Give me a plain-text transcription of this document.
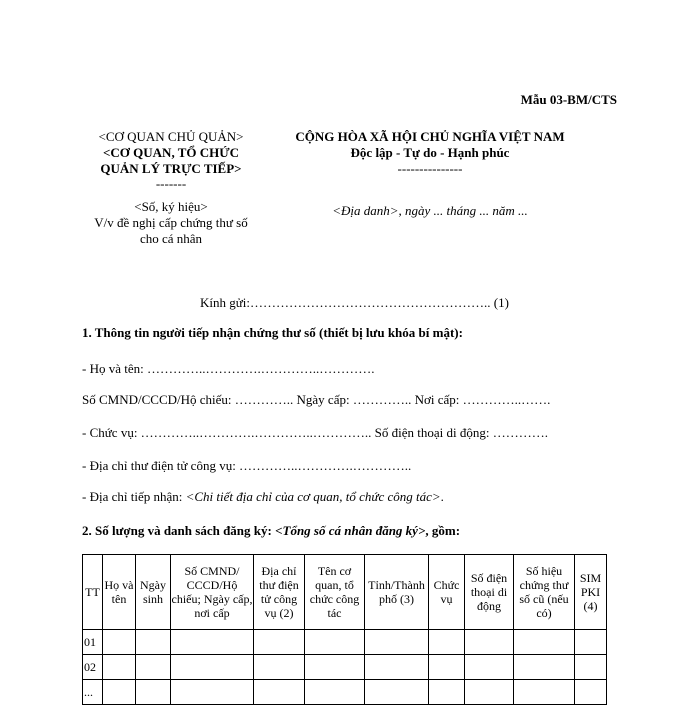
Mẫu 03-BM/CTS
<CƠ QUAN CHỦ QUẢN>
<CƠ QUAN, TỔ CHỨC
QUẢN LÝ TRỰC TIẾP>
-------
<Số, ký hiệu>
V/v đề nghị cấp chứng thư số
cho cá nhân
CỘNG HÒA XÃ HỘI CHỦ NGHĨA VIỆT NAM
Độc lập - Tự do - Hạnh phúc
---------------
<Địa danh>, ngày ... tháng ... năm ...
Kính gửi:……………………………………………….. (1)
1. Thông tin người tiếp nhận chứng thư số (thiết bị lưu khóa bí mật):
- Họ và tên: …………..………….…………..………….
Số CMND/CCCD/Hộ chiếu: ………….. Ngày cấp: ………….. Nơi cấp: …………..…….
- Chức vụ: …………..………….…………..………….. Số điện thoại di động: ………….
- Địa chỉ thư điện tử công vụ: …………..………….…………..
- Địa chỉ tiếp nhận: <Chi tiết địa chỉ của cơ quan, tổ chức công tác>.
2. Số lượng và danh sách đăng ký: <Tổng số cá nhân đăng ký>, gồm:
TT	Họ và tên	Ngày sinh	Số CMND/ CCCD/Hộ chiếu; Ngày cấp, nơi cấp	Địa chỉ thư điện tử công vụ (2)	Tên cơ quan, tổ chức công tác	Tỉnh/Thành phố (3)	Chức vụ	Số điện thoại di động	Số hiệu chứng thư số cũ (nếu có)	SIM PKI (4)
01										
02										
...										
